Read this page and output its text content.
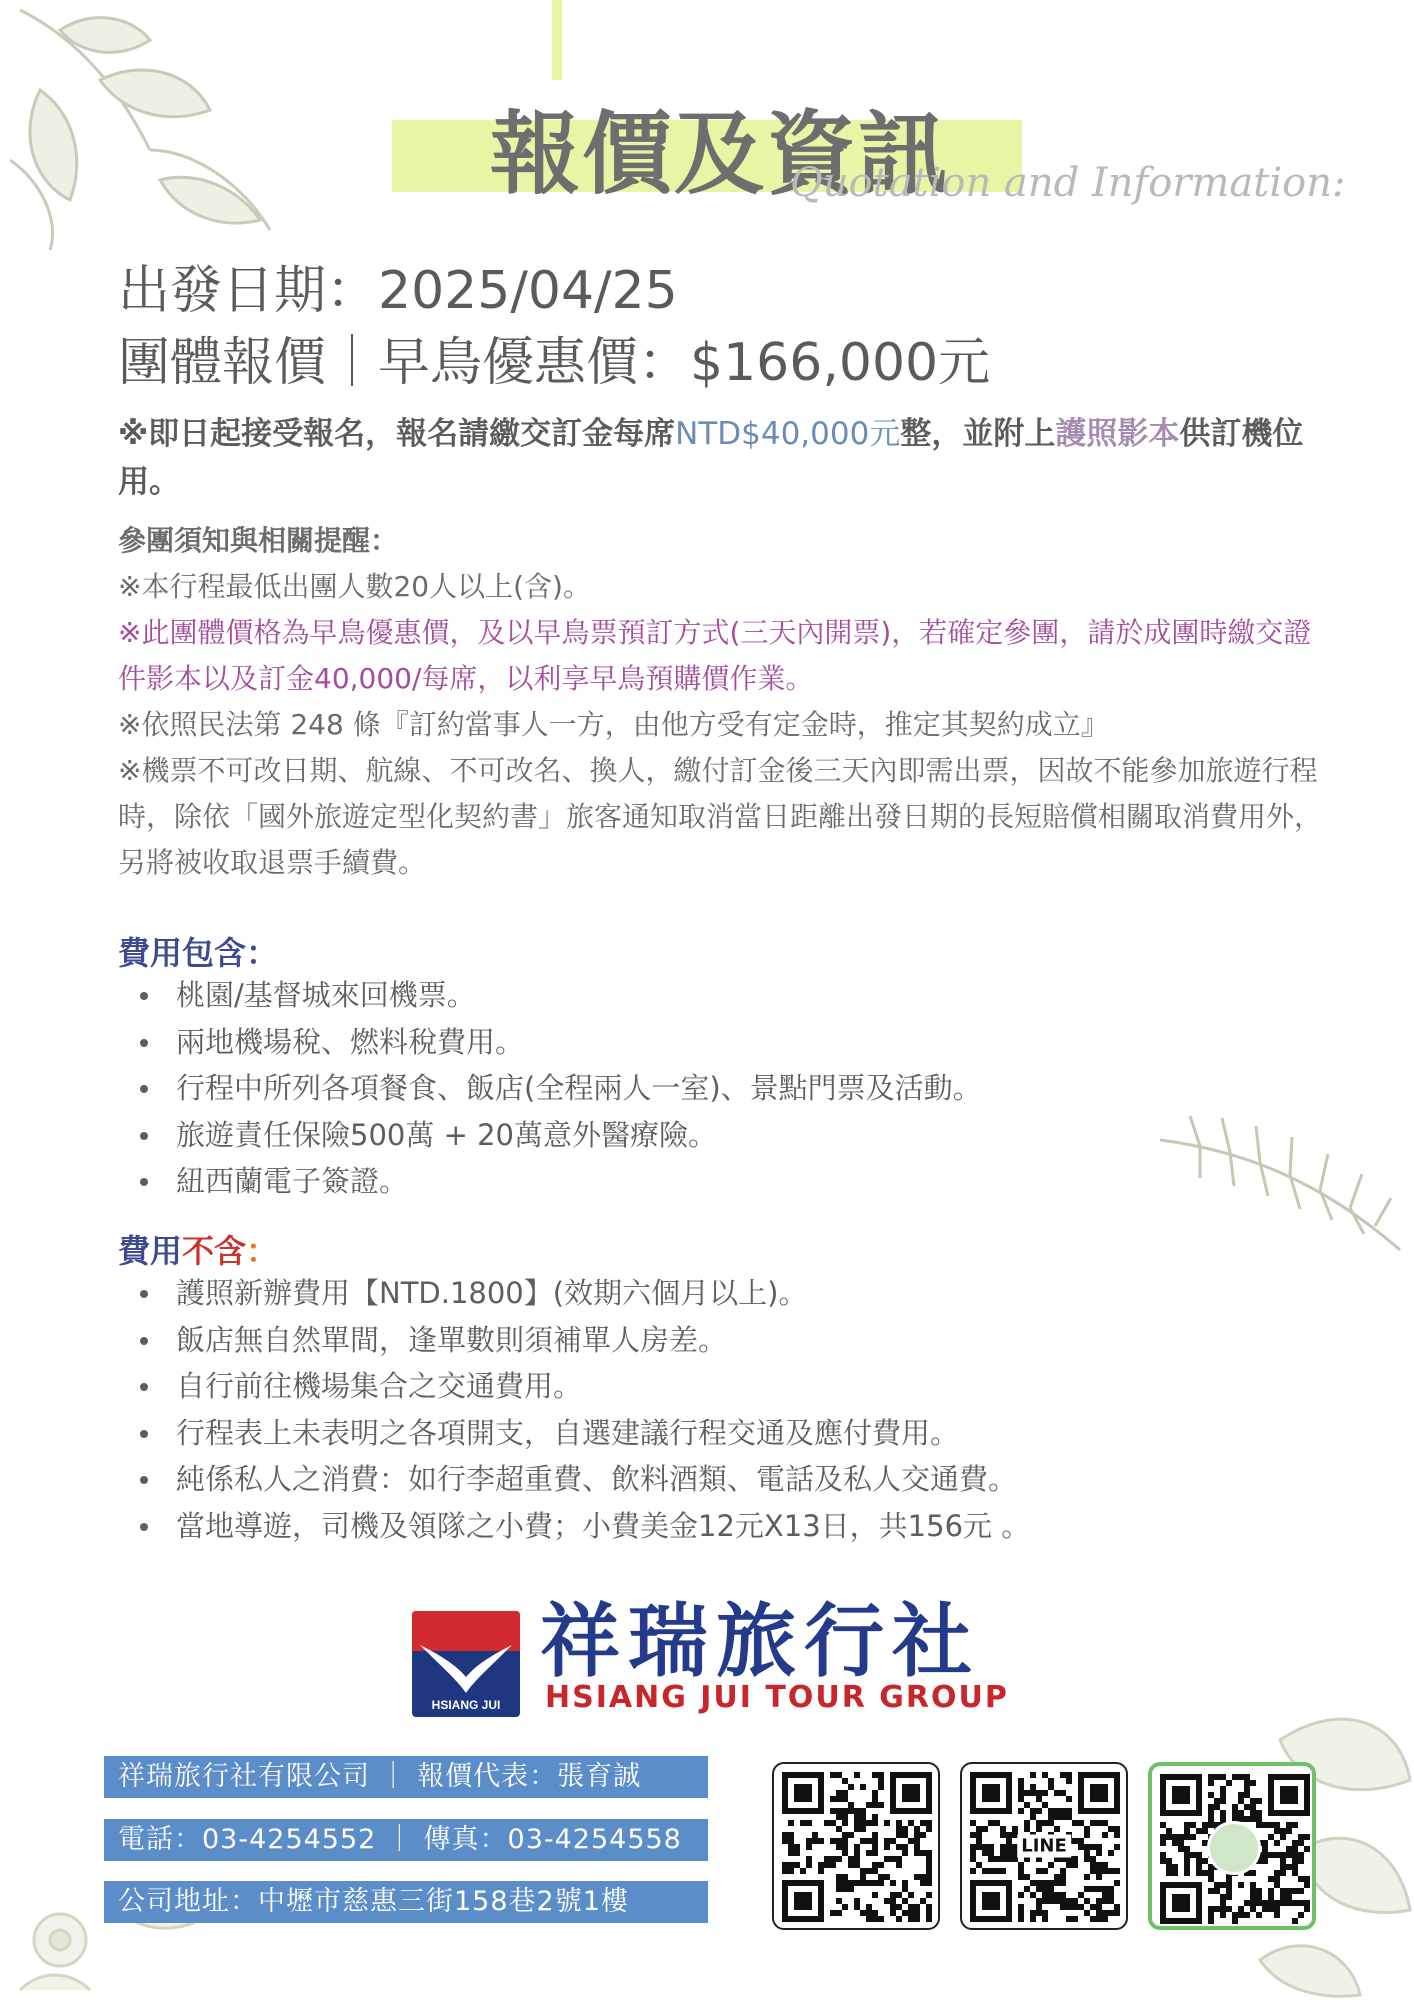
報價及資訊
Quotation and Information:
出發日期：2025/04/25
團體報價｜早鳥優惠價：$166,000元
※即日起接受報名，報名請繳交訂金每席NTD$40,000元整，並附上護照影本供訂機位用。
參團須知與相關提醒：
※本行程最低出團人數20人以上(含)。
※此團體價格為早鳥優惠價，及以早鳥票預訂方式(三天內開票)，若確定參團，請於成團時繳交證件影本以及訂金40,000/每席，以利享早鳥預購價作業。
※依照民法第 248 條『訂約當事人一方，由他方受有定金時，推定其契約成立』
※機票不可改日期、航線、不可改名、換人，繳付訂金後三天內即需出票，因故不能參加旅遊行程時，除依「國外旅遊定型化契約書」旅客通知取消當日距離出發日期的長短賠償相關取消費用外，另將被收取退票手續費。
費用包含：
桃園/基督城來回機票。
兩地機場稅、燃料稅費用。
行程中所列各項餐食、飯店(全程兩人一室)、景點門票及活動。
旅遊責任保險500萬 + 20萬意外醫療險。
紐西蘭電子簽證。
費用不含：
護照新辦費用【NTD.1800】(效期六個月以上)。
飯店無自然單間，逢單數則須補單人房差。
自行前往機場集合之交通費用。
行程表上未表明之各項開支，自選建議行程交通及應付費用。
純係私人之消費：如行李超重費、飲料酒類、電話及私人交通費。
當地導遊，司機及領隊之小費；小費美金12元X13日，共156元 。
HSIANG JUI
祥瑞旅行社
HSIANG JUI TOUR GROUP
祥瑞旅行社有限公司 ｜ 報價代表：張育誠
電話：03-4254552 ｜ 傳真：03-4254558
公司地址：中壢市慈惠三街158巷2號1樓
LINE
